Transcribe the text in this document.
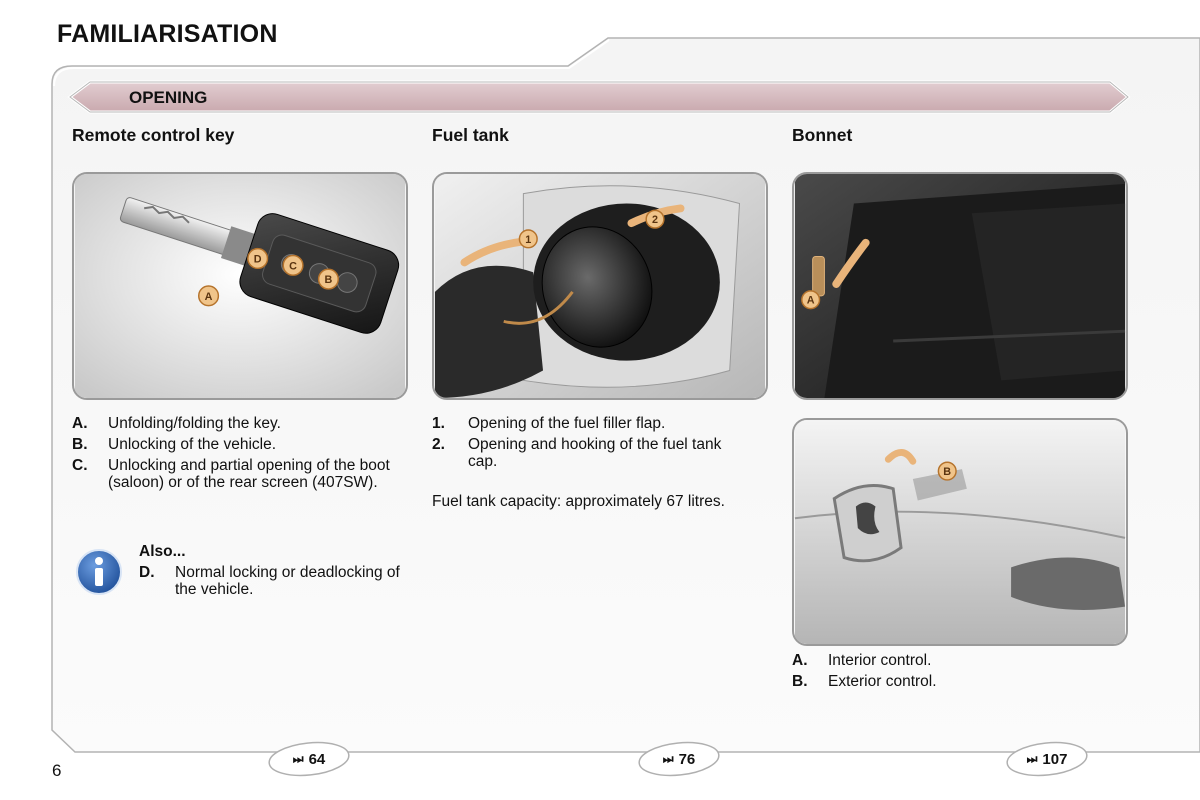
FAMILIARISATION
OPENING
Remote control key	Fuel tank	Bonnet
D
C
B
A
1
2
A
B
A.	Unfolding/folding the key.
B.	Unlocking of the vehicle.
C.	Unlocking and partial opening of the boot (saloon) or of the rear screen (407SW).
Also...
D.	Normal locking or deadlocking of the vehicle.
1.	Opening of the fuel filler flap.
2.	Opening and hooking of the fuel tank cap.
Fuel tank capacity: approximately 67 litres.
A.	Interior control.
B.	Exterior control.
6
⏭ 64	⏭ 76	⏭ 107
